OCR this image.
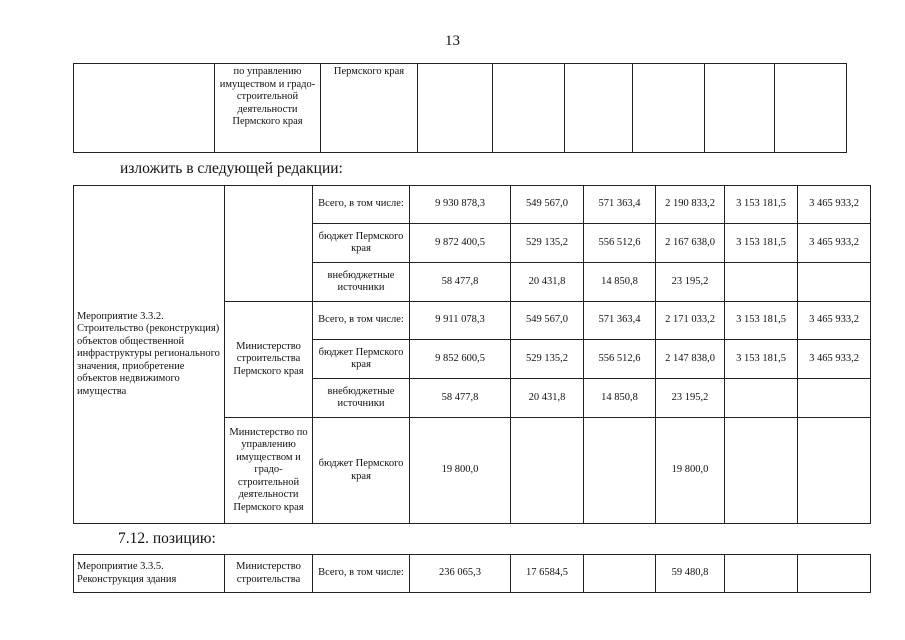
13
	по управлению имуществом и градо-строительной деятельности Пермского края	Пермского края						
изложить в следующей редакции:
Мероприятие 3.3.2. Строительство (реконструкция) объектов общественной инфраструктуры регионального значения, приобретение объектов недвижимого имущества		Всего, в том числе:	9 930 878,3	549 567,0	571 363,4	2 190 833,2	3 153 181,5	3 465 933,2
		бюджет Пермского края	9 872 400,5	529 135,2	556 512,6	2 167 638,0	3 153 181,5	3 465 933,2
		внебюджетные источники	58 477,8	20 431,8	14 850,8	23 195,2		
	Министерство строительства Пермского края	Всего, в том числе:	9 911 078,3	549 567,0	571 363,4	2 171 033,2	3 153 181,5	3 465 933,2
		бюджет Пермского края	9 852 600,5	529 135,2	556 512,6	2 147 838,0	3 153 181,5	3 465 933,2
		внебюджетные источники	58 477,8	20 431,8	14 850,8	23 195,2		
	Министерство по управлению имуществом и градо-строительной деятельности Пермского края	бюджет Пермского края	19 800,0			19 800,0		
7.12. позицию:
Мероприятие 3.3.5. Реконструкция здания	Министерство строительства	Всего, в том числе:	236 065,3	17 6584,5		59 480,8		
